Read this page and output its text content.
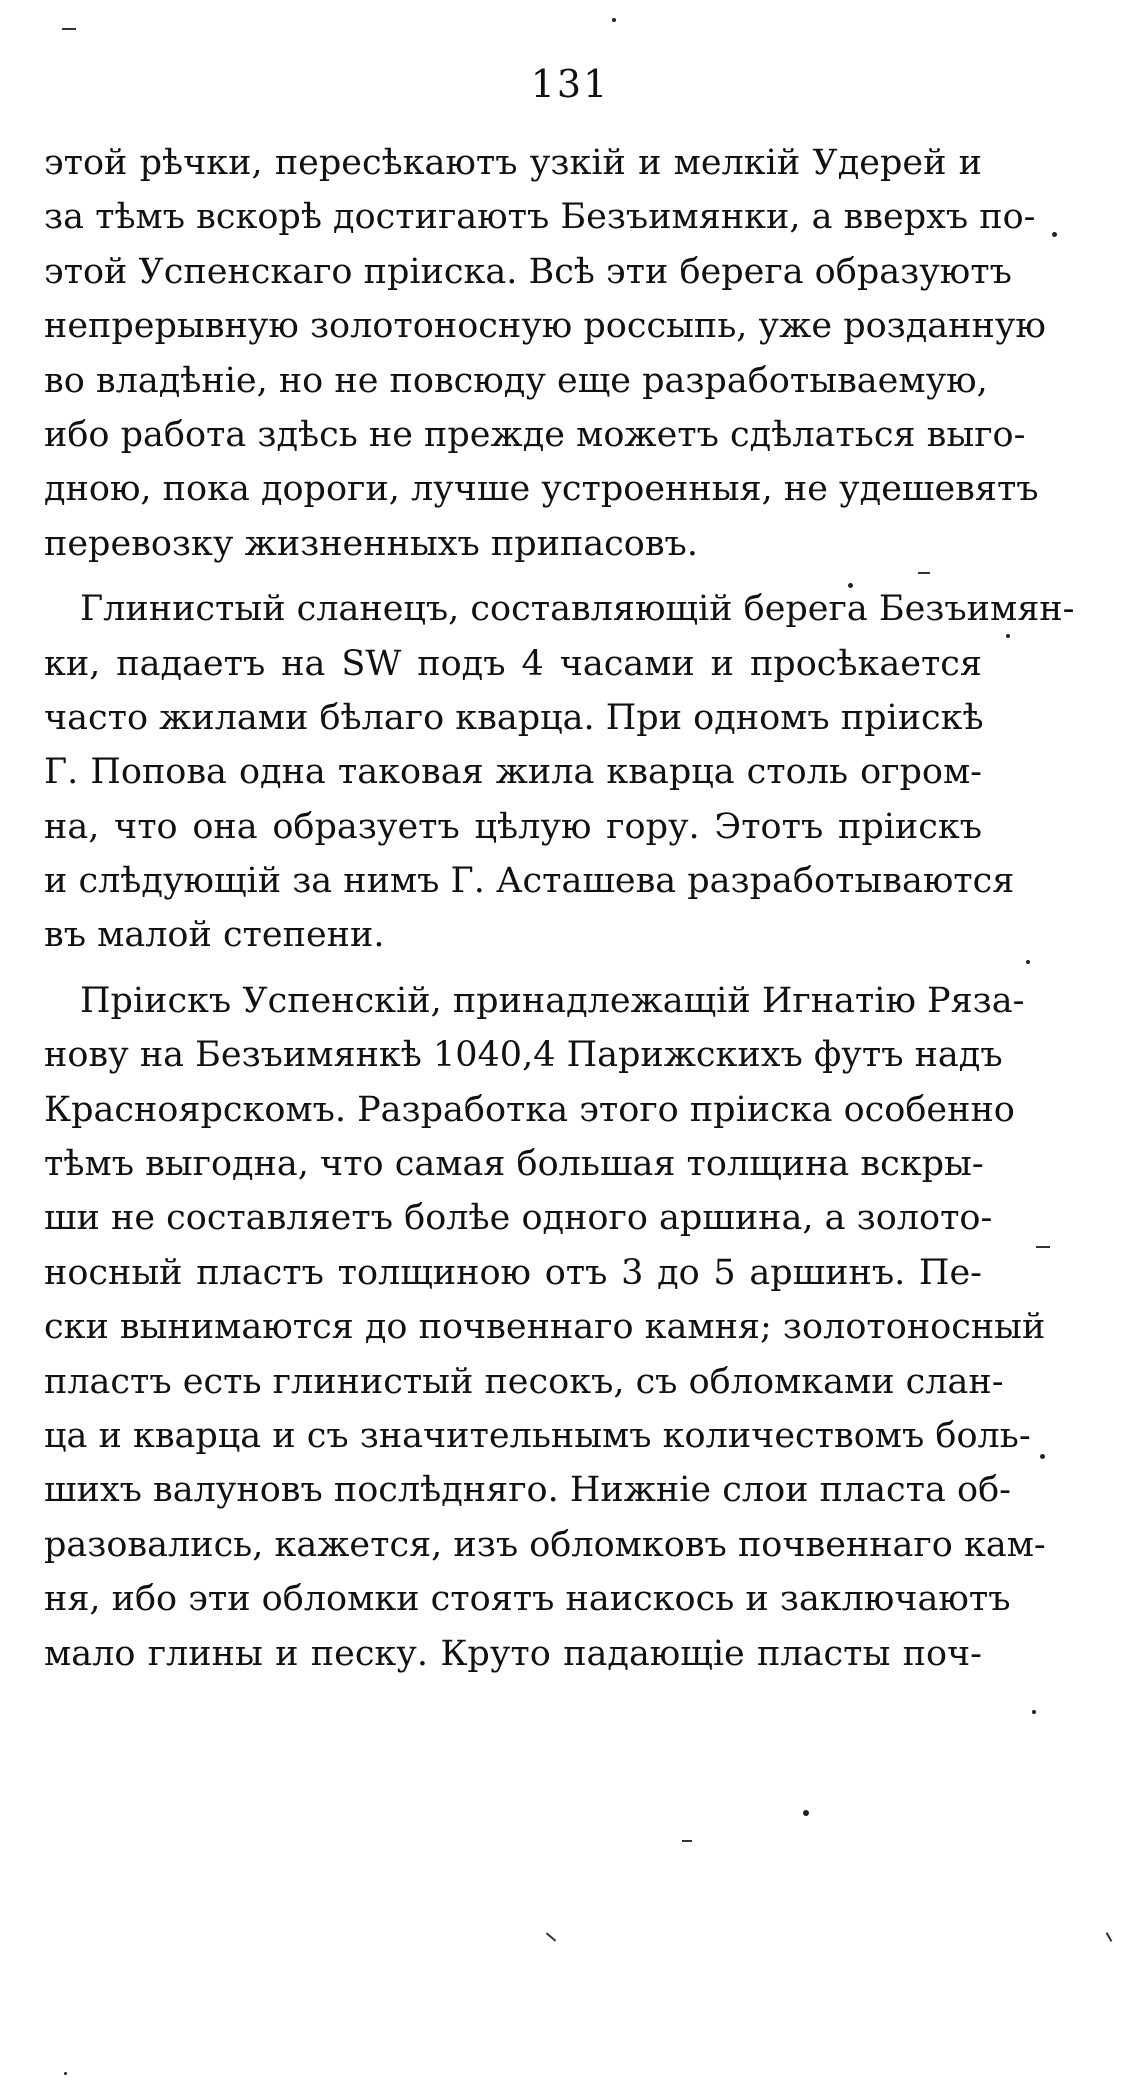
131
этой рѣчки, пересѣкаютъ узкій и мелкій Удерей и
за тѣмъ вскорѣ достигаютъ Безъимянки, а вверхъ по-
этой Успенскаго пріиска. Всѣ эти берега образуютъ
непрерывную золотоносную россыпь, уже розданную
во владѣніе, но не повсюду еще разработываемую,
ибо работа здѣсь не прежде можетъ сдѣлаться выго-
дною, пока дороги, лучше устроенныя, не удешевятъ
перевозку жизненныхъ припасовъ.
Глинистый сланецъ, составляющій берега Безъимян-
ки, падаетъ на SW подъ 4 часами и просѣкается
часто жилами бѣлаго кварца. При одномъ пріискѣ
Г. Попова одна таковая жила кварца столь огром-
на, что она образуетъ цѣлую гору. Этотъ пріискъ
и слѣдующій за нимъ Г. Асташева разработываются
въ малой степени.
Пріискъ Успенскій, принадлежащій Игнатію Ряза-
нову на Безъимянкѣ 1040,4 Парижскихъ футъ надъ
Красноярскомъ. Разработка этого пріиска особенно
тѣмъ выгодна, что самая большая толщина вскры-
ши не составляетъ болѣе одного аршина, а золото-
носный пластъ толщиною отъ 3 до 5 аршинъ. Пе-
ски вынимаются до почвеннаго камня; золотоносный
пластъ есть глинистый песокъ, съ обломками слан-
ца и кварца и съ значительнымъ количествомъ боль-
шихъ валуновъ послѣдняго. Нижніе слои пласта об-
разовались, кажется, изъ обломковъ почвеннаго кам-
ня, ибо эти обломки стоятъ наискось и заключаютъ
мало глины и песку. Круто падающіе пласты поч-
